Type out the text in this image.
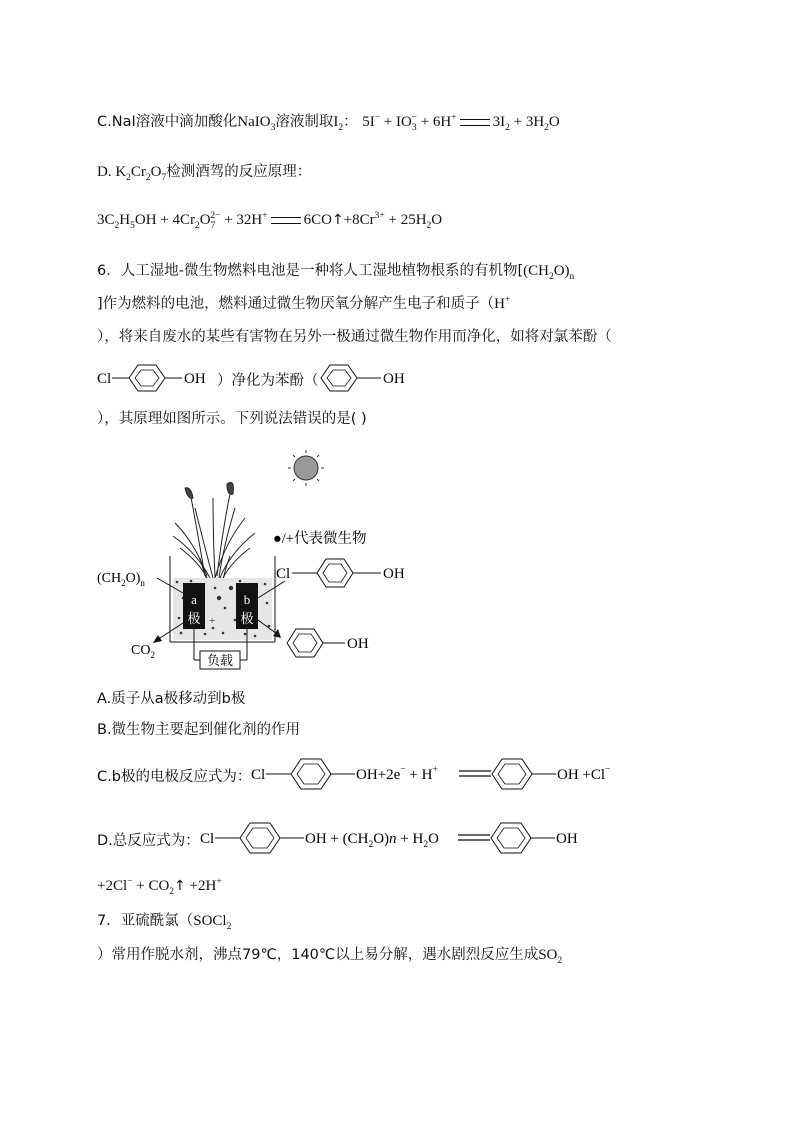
C.NaI溶液中滴加酸化NaIO$_3$溶液制取$I_2$： $5I^- + IO_3^- + 6H^+$ $3I_2 + 3H_2O$
D. $K_2Cr_2O_7$检测酒驾的反应原理：
$3C_2H_5OH + 4Cr_2O_7^{2-} + 32H^+$ $6CO↑+8Cr^{3+} + 25H_2O$
6．人工湿地-微生物燃料电池是一种将人工湿地植物根系的有机物[$(CH_2O)_n$
]作为燃料的电池，燃料通过微生物厌氧分解产生电子和质子（H+
），将来自废水的某些有害物在另外一极通过微生物作用而净化，如将对氯苯酚（
Cl	OH ）净化为苯酚（	OH
），其原理如图所示。下列说法错误的是( )
a
极
b
极
+
负载
●/+代表微生物
$(CH_2O)_n$
$CO_2$
Cl	OH
OH
A.质子从a极移动到b极
B.微生物主要起到催化剂的作用
C.b极的电极反应式为： Cl	OH+2e− + H+	OH +Cl−
D.总反应式为： Cl	OH + $(CH_2O)n + H_2O$	OH
$+2Cl^- + CO_2↑ +2H^+$
7．亚硫酰氯（SOCl$_2$
）常用作脱水剂，沸点79℃，140℃以上易分解，遇水剧烈反应生成$SO_2$
